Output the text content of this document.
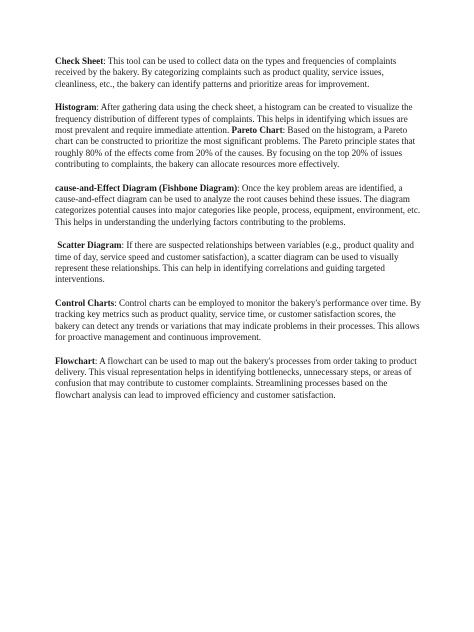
Check Sheet: This tool can be used to collect data on the types and frequencies of complaints received by the bakery. By categorizing complaints such as product quality, service issues, cleanliness, etc., the bakery can identify patterns and prioritize areas for improvement.

Histogram: After gathering data using the check sheet, a histogram can be created to visualize the frequency distribution of different types of complaints. This helps in identifying which issues are most prevalent and require immediate attention. Pareto Chart: Based on the histogram, a Pareto chart can be constructed to prioritize the most significant problems. The Pareto principle states that roughly 80% of the effects come from 20% of the causes. By focusing on the top 20% of issues contributing to complaints, the bakery can allocate resources more effectively.

cause-and-Effect Diagram (Fishbone Diagram): Once the key problem areas are identified, a cause-and-effect diagram can be used to analyze the root causes behind these issues. The diagram categorizes potential causes into major categories like people, process, equipment, environment, etc. This helps in understanding the underlying factors contributing to the problems.

Scatter Diagram: If there are suspected relationships between variables (e.g., product quality and time of day, service speed and customer satisfaction), a scatter diagram can be used to visually represent these relationships. This can help in identifying correlations and guiding targeted interventions.

Control Charts: Control charts can be employed to monitor the bakery's performance over time. By tracking key metrics such as product quality, service time, or customer satisfaction scores, the bakery can detect any trends or variations that may indicate problems in their processes. This allows for proactive management and continuous improvement.

Flowchart: A flowchart can be used to map out the bakery's processes from order taking to product delivery. This visual representation helps in identifying bottlenecks, unnecessary steps, or areas of confusion that may contribute to customer complaints. Streamlining processes based on the flowchart analysis can lead to improved efficiency and customer satisfaction.
